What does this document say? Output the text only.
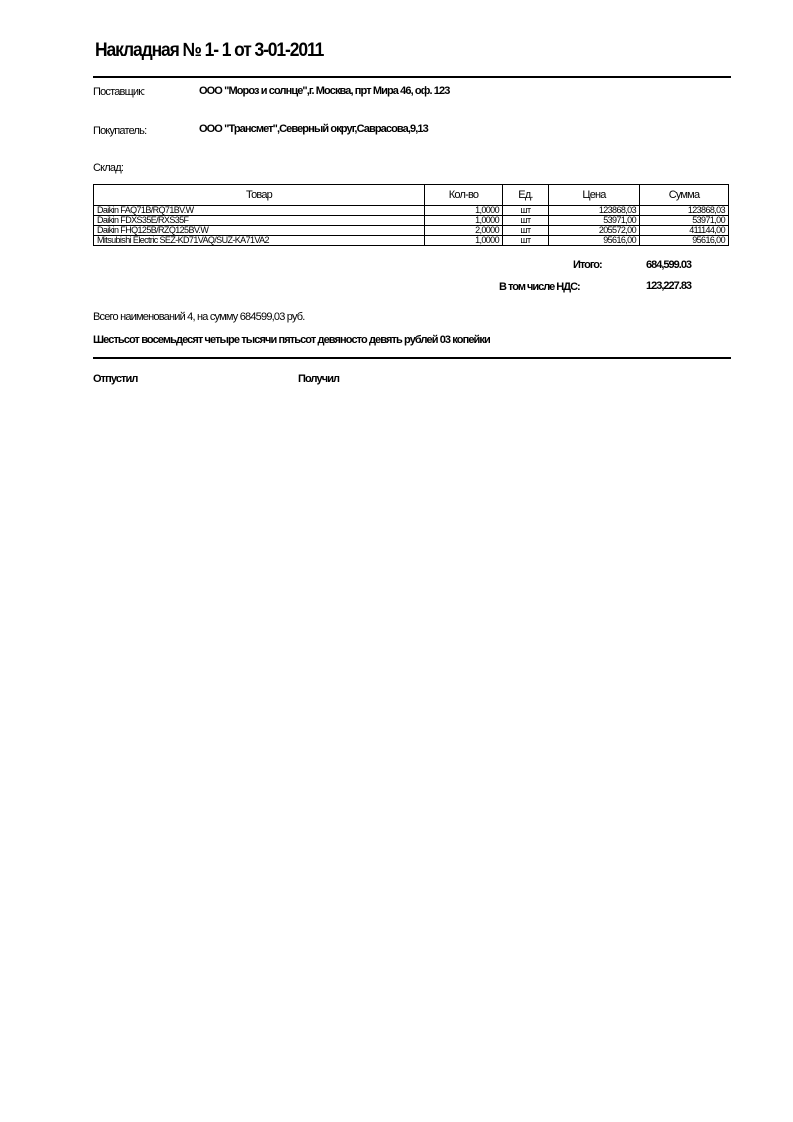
Накладная № 1- 1 от 3-01-2011
Поставщик:	ООО "Мороз и солнце",г. Москва, прт Мира 46, оф. 123
Покупатель:	ООО "Трансмет",Северный округ,Саврасова,9,13
Склад:
Товар	Кол-во	Ед.	Цена	Сумма
Daikin FAQ71B/RQ71BV.W	1,0000	шт	123868,03	123868,03
Daikin FDXS35E/RXS35F	1,0000	шт	53971,00	53971,00
Daikin FHQ125B/RZQ125BV.W	2,0000	шт	205572,00	411144,00
Mitsubishi Electric SEZ-KD71VAQ/SUZ-KA71VA2	1,0000	шт	95616,00	95616,00
Итого:	684,599.03
В том числе НДС:	123,227.83
Всего наименований 4, на сумму 684599,03 руб.
Шестьсот восемьдесят четыре тысячи пятьсот девяносто девять рублей 03 копейки
Отпустил	Получил
